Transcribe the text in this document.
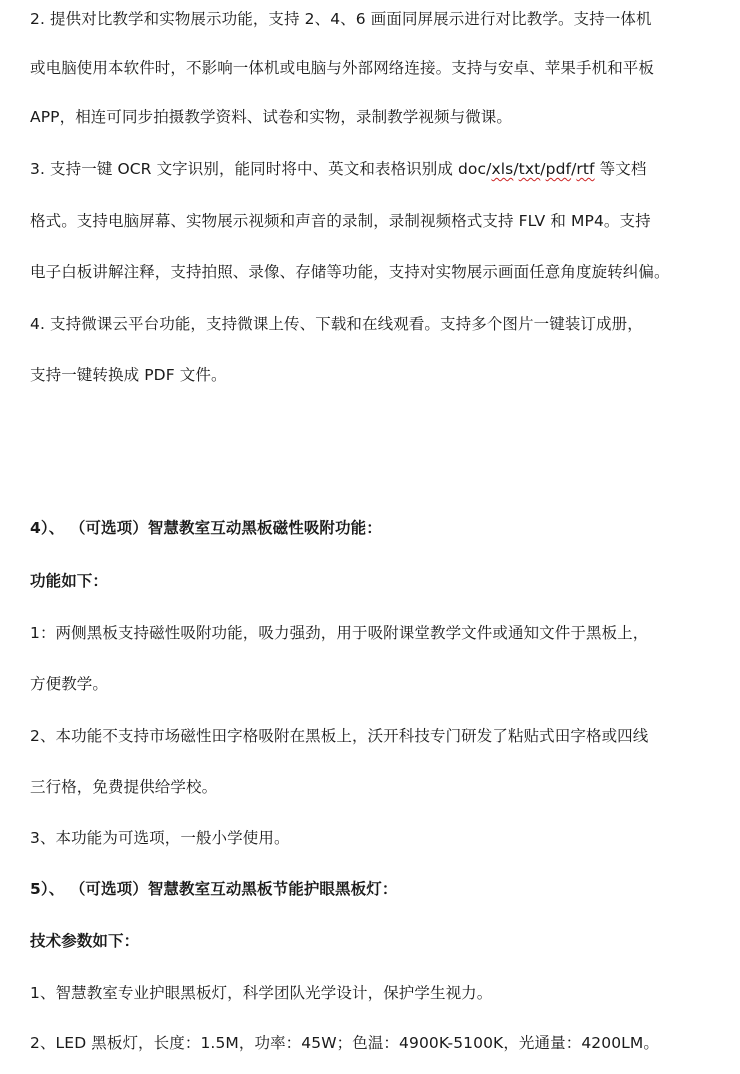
2. 提供对比教学和实物展示功能，支持 2、4、6 画面同屏展示进行对比教学。支持一体机
或电脑使用本软件时，不影响一体机或电脑与外部网络连接。支持与安卓、苹果手机和平板
APP，相连可同步拍摄教学资料、试卷和实物，录制教学视频与微课。
3. 支持一键 OCR 文字识别，能同时将中、英文和表格识别成 doc/xls/txt/pdf/rtf 等文档
格式。支持电脑屏幕、实物展示视频和声音的录制，录制视频格式支持 FLV 和 MP4。支持
电子白板讲解注释，支持拍照、录像、存储等功能，支持对实物展示画面任意角度旋转纠偏。
4. 支持微课云平台功能，支持微课上传、下载和在线观看。支持多个图片一键装订成册，
支持一键转换成 PDF 文件。
4）、 （可选项）智慧教室互动黑板磁性吸附功能：
功能如下：
1：两侧黑板支持磁性吸附功能，吸力强劲，用于吸附课堂教学文件或通知文件于黑板上，
方便教学。
2、本功能不支持市场磁性田字格吸附在黑板上，沃开科技专门研发了粘贴式田字格或四线
三行格，免费提供给学校。
3、本功能为可选项，一般小学使用。
5）、 （可选项）智慧教室互动黑板节能护眼黑板灯：
技术参数如下：
1、智慧教室专业护眼黑板灯，科学团队光学设计，保护学生视力。
2、LED 黑板灯，长度：1.5M，功率：45W；色温：4900K-5100K，光通量：4200LM。
